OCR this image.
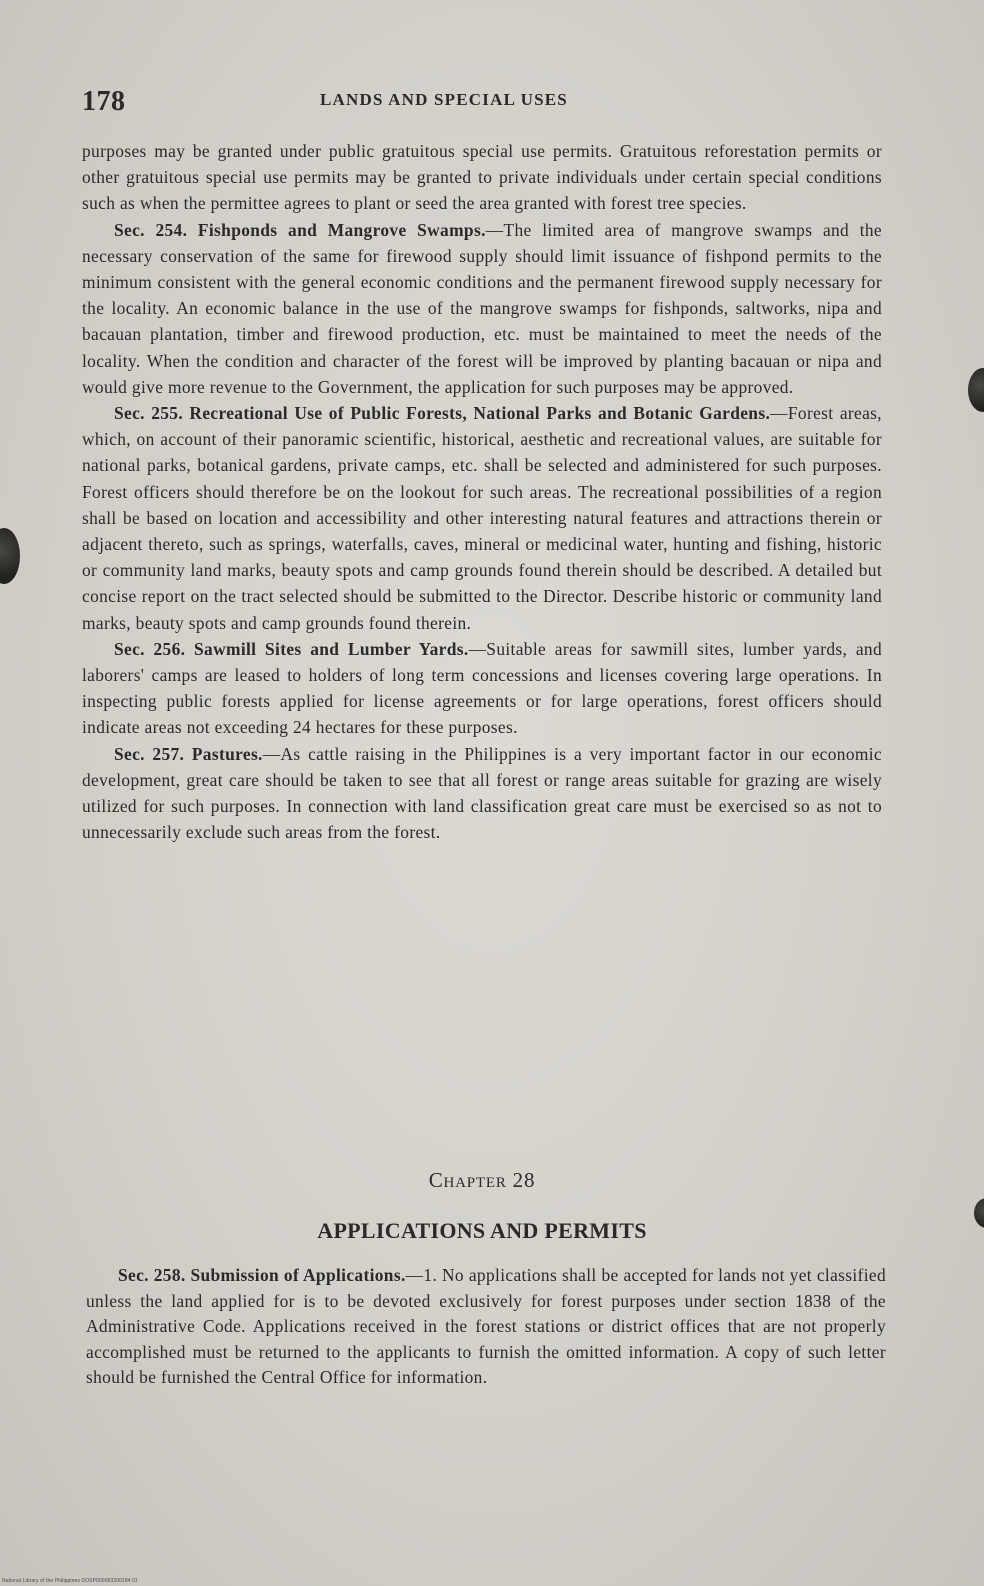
178	LANDS AND SPECIAL USES

purposes may be granted under public gratuitous special use permits. Gratuitous reforestation permits or other gratuitous special use permits may be granted to private individuals under certain special conditions such as when the permittee agrees to plant or seed the area granted with forest tree species.

Sec. 254. Fishponds and Mangrove Swamps.—The limited area of mangrove swamps and the necessary conservation of the same for firewood supply should limit issuance of fishpond permits to the minimum consistent with the general economic conditions and the permanent firewood supply necessary for the locality. An economic balance in the use of the mangrove swamps for fishponds, saltworks, nipa and bacauan plantation, timber and firewood production, etc. must be maintained to meet the needs of the locality. When the condition and character of the forest will be improved by planting bacauan or nipa and would give more revenue to the Government, the application for such purposes may be approved.

Sec. 255. Recreational Use of Public Forests, National Parks and Botanic Gardens.—Forest areas, which, on account of their panoramic scientific, historical, aesthetic and recreational values, are suitable for national parks, botanical gardens, private camps, etc. shall be selected and administered for such purposes. Forest officers should therefore be on the lookout for such areas. The recreational possibilities of a region shall be based on location and accessibility and other interesting natural features and attractions therein or adjacent thereto, such as springs, waterfalls, caves, mineral or medicinal water, hunting and fishing, historic or community land marks, beauty spots and camp grounds found therein should be described. A detailed but concise report on the tract selected should be submitted to the Director. Describe historic or community land marks, beauty spots and camp grounds found therein.

Sec. 256. Sawmill Sites and Lumber Yards.—Suitable areas for sawmill sites, lumber yards, and laborers' camps are leased to holders of long term concessions and licenses covering large operations. In inspecting public forests applied for license agreements or for large operations, forest officers should indicate areas not exceeding 24 hectares for these purposes.

Sec. 257. Pastures.—As cattle raising in the Philippines is a very important factor in our economic development, great care should be taken to see that all forest or range areas suitable for grazing are wisely utilized for such purposes. In connection with land classification great care must be exercised so as not to unnecessarily exclude such areas from the forest.

Chapter 28

APPLICATIONS AND PERMITS

Sec. 258. Submission of Applications.—1. No applications shall be accepted for lands not yet classified unless the land applied for is to be devoted exclusively for forest purposes under section 1838 of the Administrative Code. Applications received in the forest stations or district offices that are not properly accomplished must be returned to the applicants to furnish the omitted information. A copy of such letter should be furnished the Central Office for information.

National Library of the Philippines DOSP000093200184 01
